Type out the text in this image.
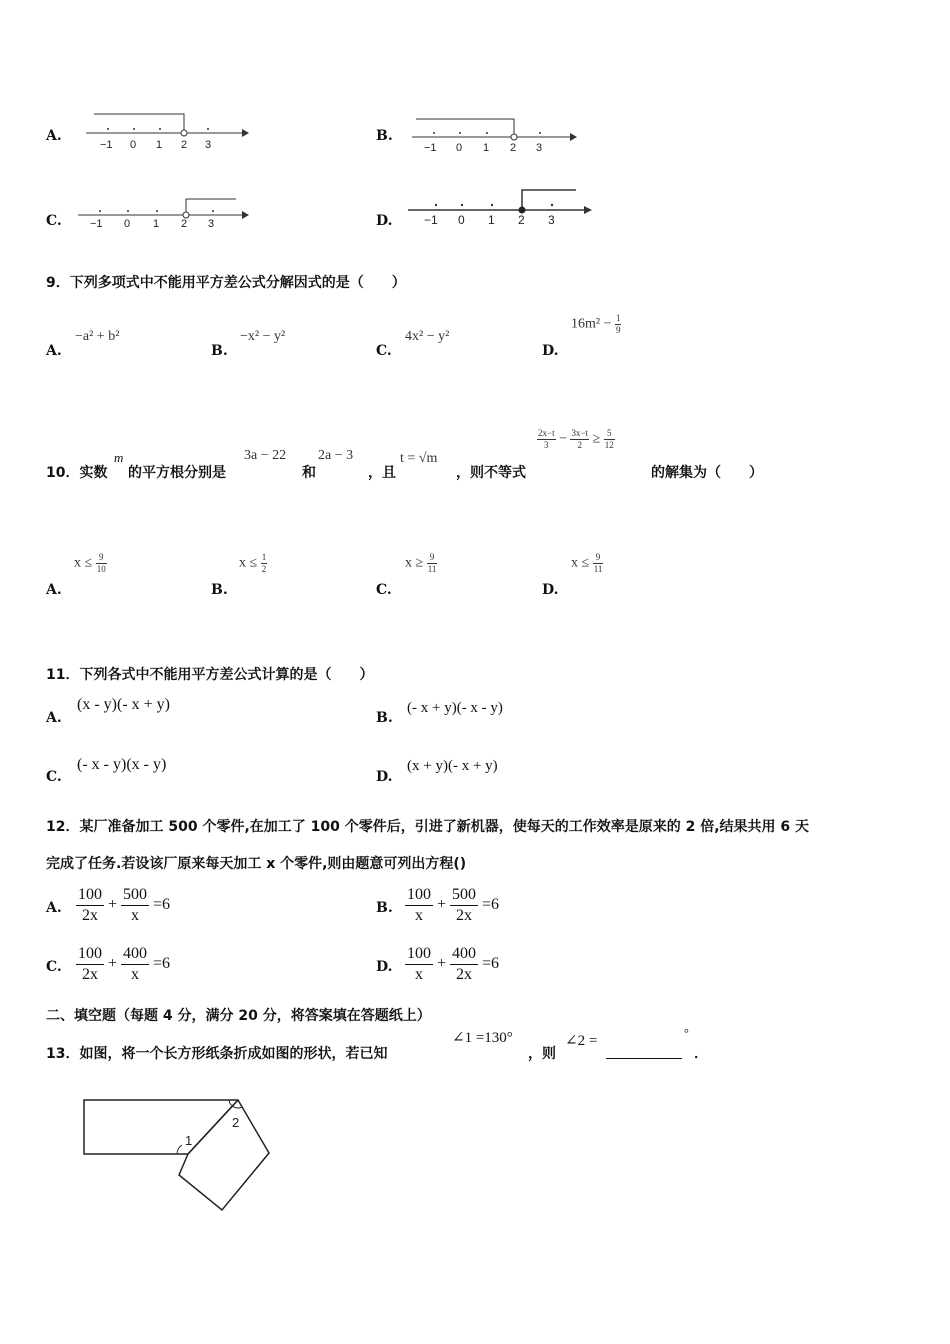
A.
−1 0 1 2 3
B.
−1 0 1 2 3
C.	−1 0 1 2 3	D.	−1 0 1 2 3
9．下列多项式中不能用平方差公式分解因式的是（　　）
A.
−a² + b²
B.
−x² − y²
C.
4x² − y²
D.
$16m^2 - \frac{1}{9}$
10．实数
m
的平方根分别是
3a − 22
和
2a − 3
，且
t = √m
，则不等式
$\frac{2x-t}{3} - \frac{3x-t}{2} \ge \frac{5}{12}$
的解集为（　　）
A.
$x \le \frac{9}{10}$
B.
$x \le \frac{1}{2}$
C.
$x \ge \frac{9}{11}$
D.
$x \le \frac{9}{11}$
11．下列各式中不能用平方差公式计算的是（　　）
A.
(x - y)(- x + y)
B.
(- x + y)(- x - y)
C.
(- x - y)(x - y)
D.
(x + y)(- x + y)
12．某厂准备加工 500 个零件,在加工了 100 个零件后，引进了新机器，使每天的工作效率是原来的 2 倍,结果共用 6 天
完成了任务.若设该厂原来每天加工 x 个零件,则由题意可列出方程()
A. $\frac{100}{2x} + \frac{500}{x} =6$	B. $\frac{100}{x} + \frac{500}{2x} =6$
C. $\frac{100}{2x} + \frac{400}{x} =6$	D. $\frac{100}{x} + \frac{400}{2x} =6$
二、填空题（每题 4 分，满分 20 分，将答案填在答题纸上）
13．如图，将一个长方形纸条折成如图的形状，若已知
∠1 =130°
，则
∠2 =	°
．
1
2
